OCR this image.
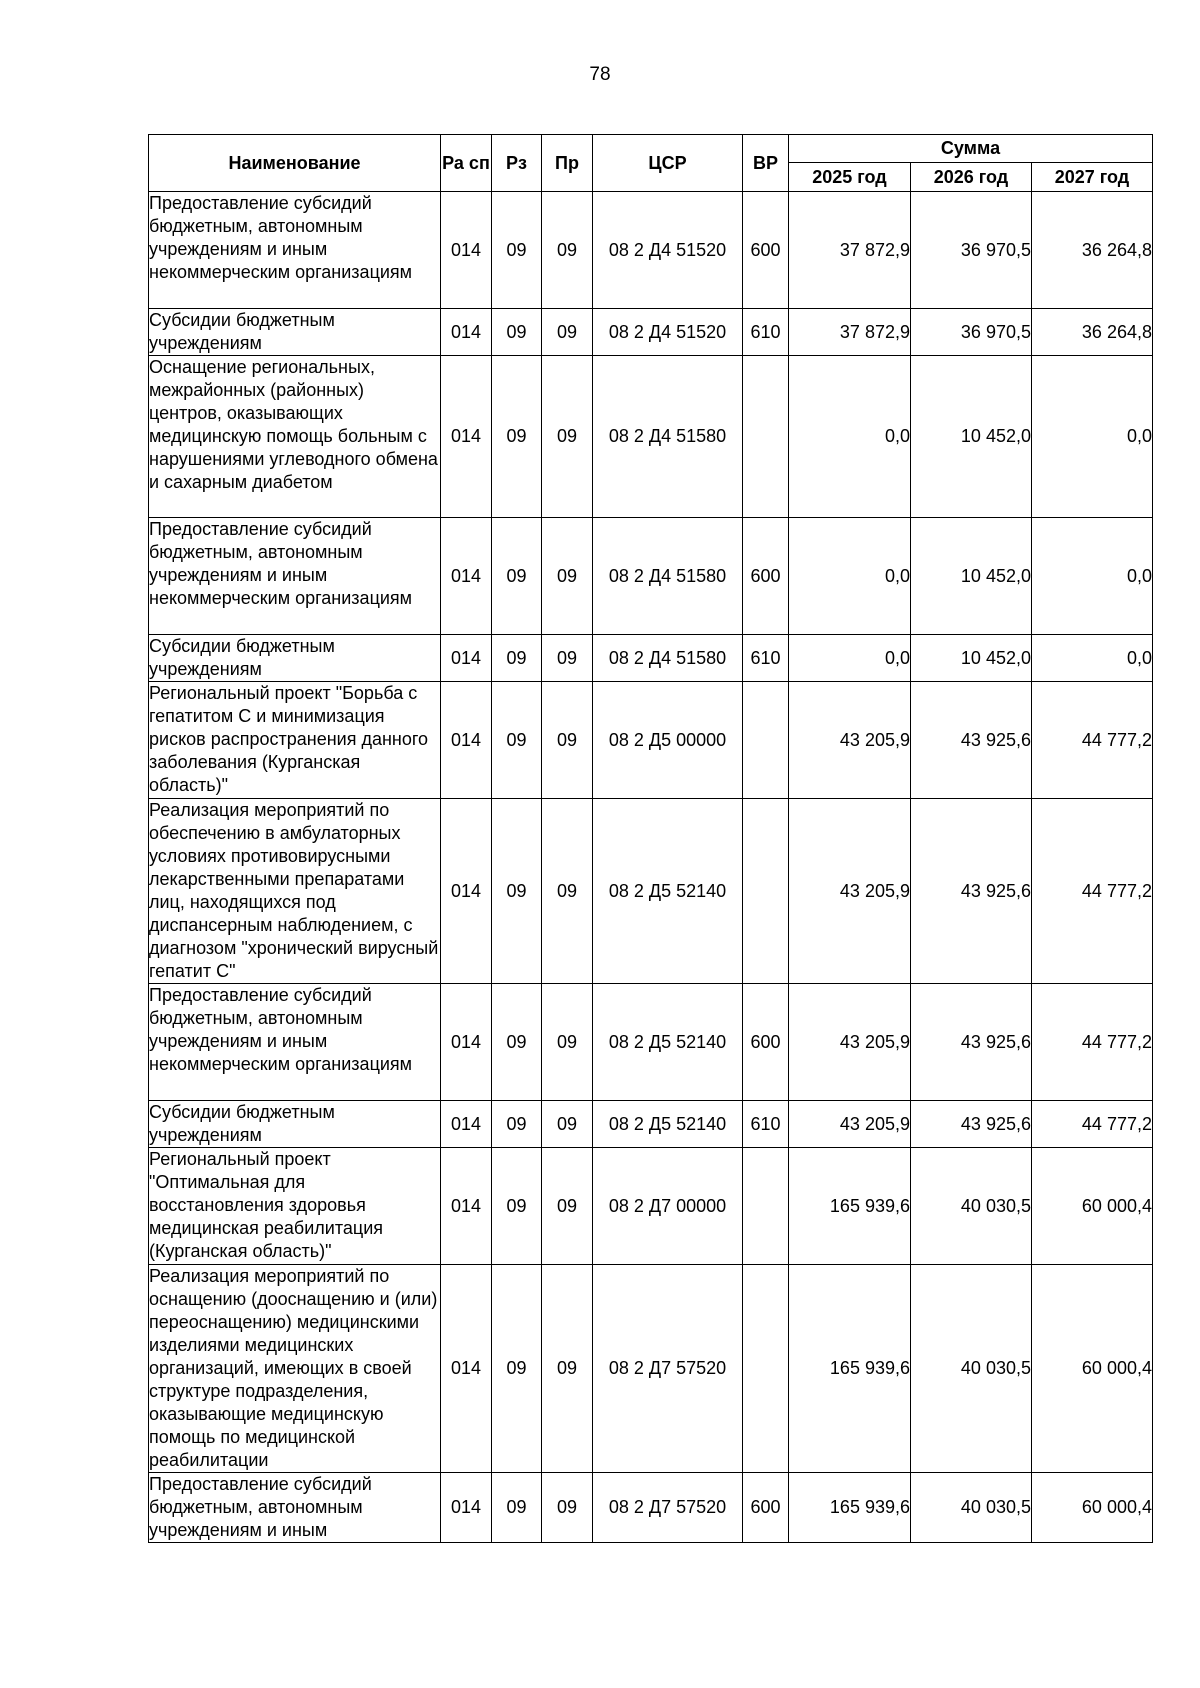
78
Наименование	Ра сп	Рз	Пр	ЦСР	ВР	Сумма		
						2025 год	2026 год	2027 год
Предоставление субсидий бюджетным, автономным учреждениям и иным некоммерческим организациям	014	09	09	08 2 Д4 51520	600	37 872,9	36 970,5	36 264,8
Субсидии бюджетным учреждениям	014	09	09	08 2 Д4 51520	610	37 872,9	36 970,5	36 264,8
Оснащение региональных, межрайонных (районных) центров, оказывающих медицинскую помощь больным с нарушениями углеводного обмена и сахарным диабетом	014	09	09	08 2 Д4 51580		0,0	10 452,0	0,0
Предоставление субсидий бюджетным, автономным учреждениям и иным некоммерческим организациям	014	09	09	08 2 Д4 51580	600	0,0	10 452,0	0,0
Субсидии бюджетным учреждениям	014	09	09	08 2 Д4 51580	610	0,0	10 452,0	0,0
Региональный проект "Борьба с гепатитом С и минимизация рисков распространения данного заболевания (Курганская область)"	014	09	09	08 2 Д5 00000		43 205,9	43 925,6	44 777,2
Реализация мероприятий по обеспечению в амбулаторных условиях противовирусными лекарственными препаратами лиц, находящихся под диспансерным наблюдением, с диагнозом "хронический вирусный гепатит С"	014	09	09	08 2 Д5 52140		43 205,9	43 925,6	44 777,2
Предоставление субсидий бюджетным, автономным учреждениям и иным некоммерческим организациям	014	09	09	08 2 Д5 52140	600	43 205,9	43 925,6	44 777,2
Субсидии бюджетным учреждениям	014	09	09	08 2 Д5 52140	610	43 205,9	43 925,6	44 777,2
Региональный проект "Оптимальная для восстановления здоровья медицинская реабилитация (Курганская область)"	014	09	09	08 2 Д7 00000		165 939,6	40 030,5	60 000,4
Реализация мероприятий по оснащению (дооснащению и (или) переоснащению) медицинскими изделиями медицинских организаций, имеющих в своей структуре подразделения, оказывающие медицинскую помощь по медицинской реабилитации	014	09	09	08 2 Д7 57520		165 939,6	40 030,5	60 000,4
Предоставление субсидий бюджетным, автономным учреждениям и иным	014	09	09	08 2 Д7 57520	600	165 939,6	40 030,5	60 000,4
